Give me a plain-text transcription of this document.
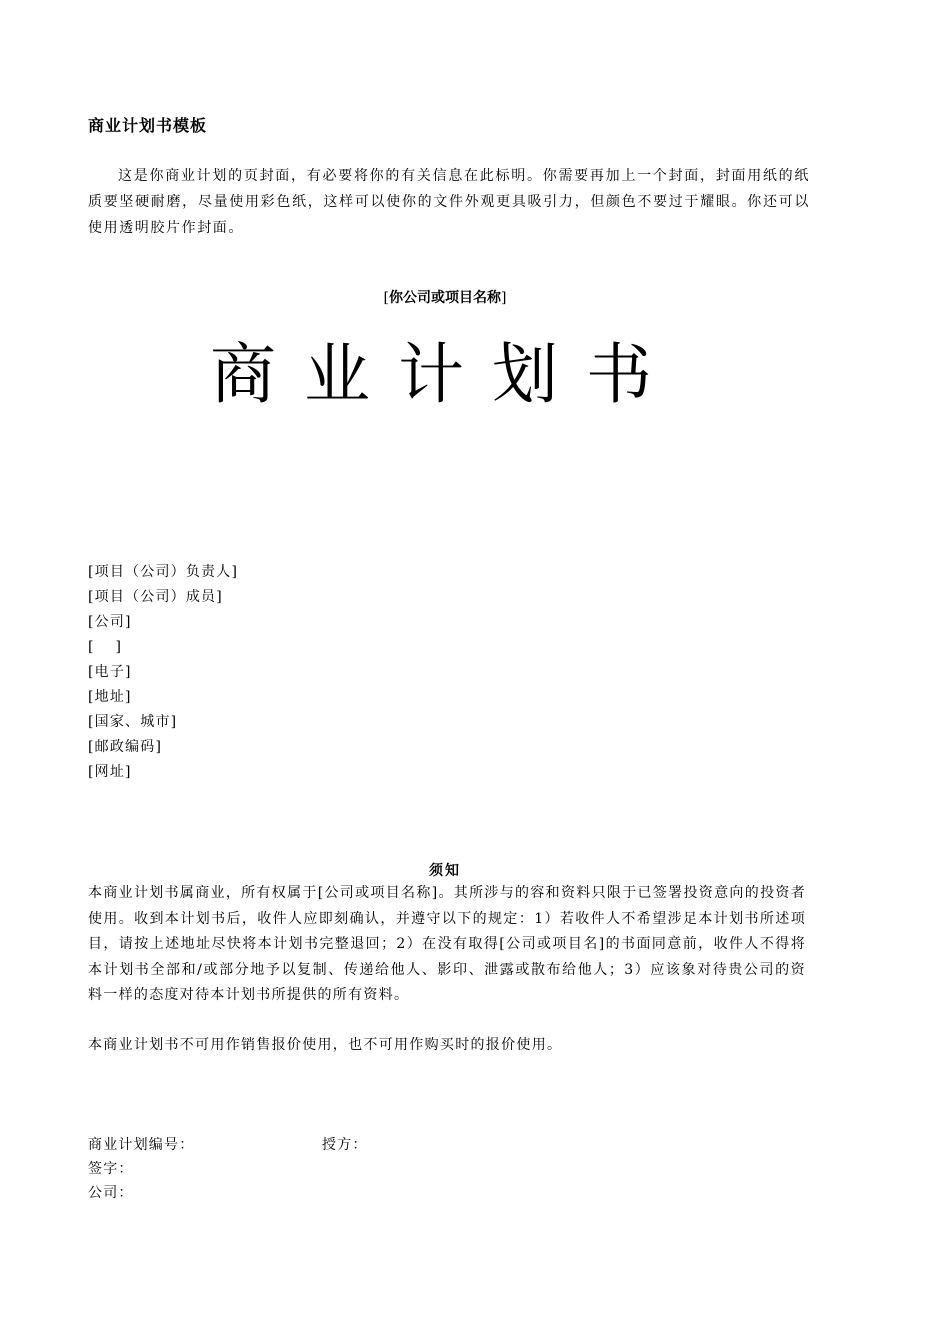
商业计划书模板
这是你商业计划的页封面，有必要将你的有关信息在此标明。你需要再加上一个封面，封面用纸的纸质要坚硬耐磨，尽量使用彩色纸，这样可以使你的文件外观更具吸引力，但颜色不要过于耀眼。你还可以使用透明胶片作封面。
[你公司或项目名称]
商业计划书
[项目（公司）负责人]
[项目（公司）成员]
[公司]
[　 ]
[电子]
[地址]
[国家、城市]
[邮政编码]
[网址]
须知
本商业计划书属商业，所有权属于[公司或项目名称]。其所涉与的容和资料只限于已签署投资意向的投资者使用。收到本计划书后，收件人应即刻确认，并遵守以下的规定：1）若收件人不希望涉足本计划书所述项目，请按上述地址尽快将本计划书完整退回；2）在没有取得[公司或项目名]的书面同意前，收件人不得将本计划书全部和/或部分地予以复制、传递给他人、影印、泄露或散布给他人；3）应该象对待贵公司的资料一样的态度对待本计划书所提供的所有资料。
本商业计划书不可用作销售报价使用，也不可用作购买时的报价使用。
商业计划编号：	授方：
签字：
公司：
